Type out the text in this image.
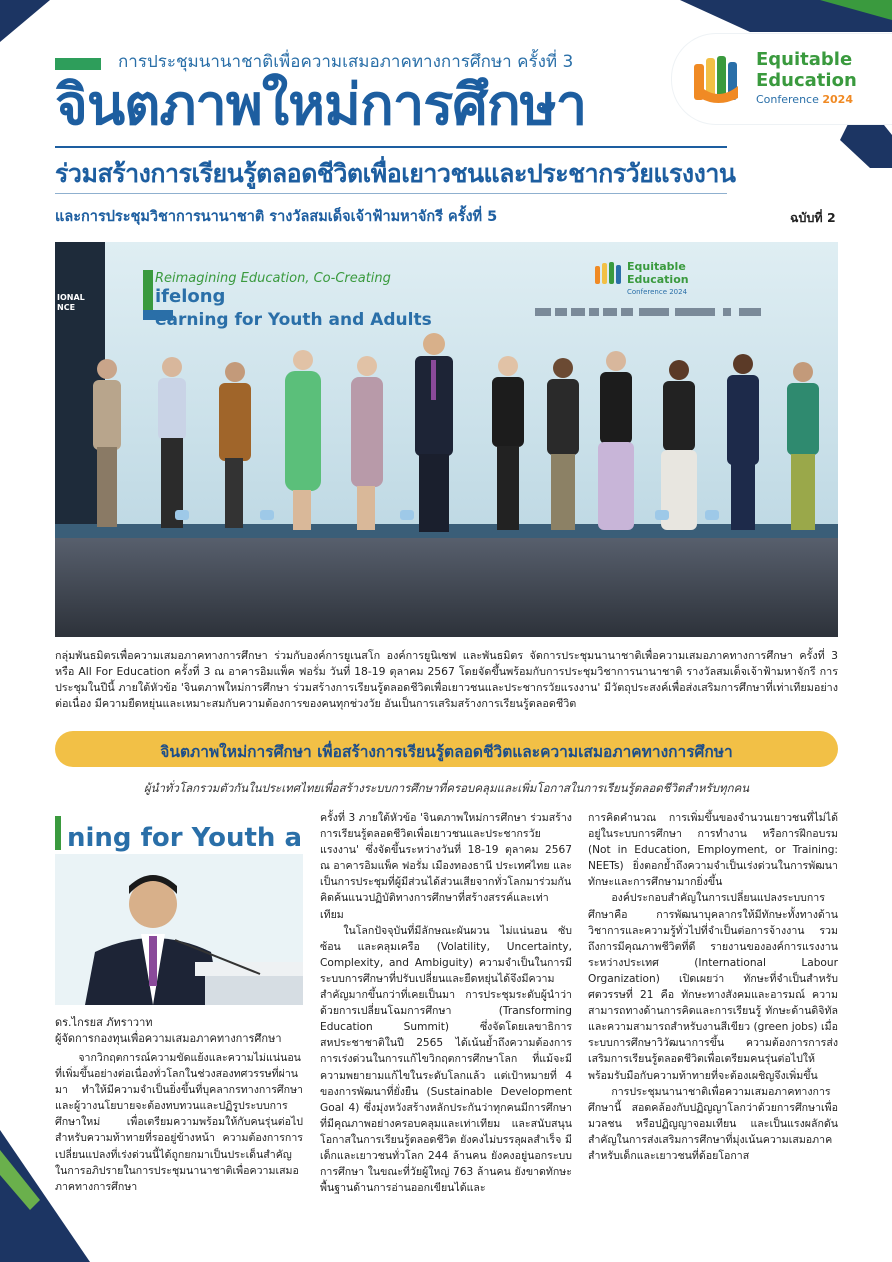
การประชุมนานาชาติเพื่อความเสมอภาคทางการศึกษา ครั้งที่ 3
จินตภาพใหม่การศึกษา
ร่วมสร้างการเรียนรู้ตลอดชีวิตเพื่อเยาวชนและประชากรวัยแรงงาน
และการประชุมวิชาการนานาชาติ รางวัลสมเด็จเจ้าฟ้ามหาจักรี ครั้งที่ 5	ฉบับที่ 2
Equitable
Education
Conference 2024
Reimagining Education, Co-Creating
ifelong
earning for Youth and Adults
Equitable
Education
Conference 2024
IONAL
NCE
กลุ่มพันธมิตรเพื่อความเสมอภาคทางการศึกษา ร่วมกับองค์การยูเนสโก องค์การยูนิเซฟ และพันธมิตร จัดการประชุมนานาชาติเพื่อความเสมอภาคทางการศึกษา ครั้งที่ 3 หรือ All For Education ครั้งที่ 3 ณ อาคารอิมแพ็ค ฟอรั่ม วันที่ 18-19 ตุลาคม 2567 โดยจัดขึ้นพร้อมกับการประชุมวิชาการนานาชาติ รางวัลสมเด็จเจ้าฟ้ามหาจักรี การประชุมในปีนี้ ภายใต้หัวข้อ 'จินตภาพใหม่การศึกษา ร่วมสร้างการเรียนรู้ตลอดชีวิตเพื่อเยาวชนและประชากรวัยแรงงาน' มีวัตถุประสงค์เพื่อส่งเสริมการศึกษาที่เท่าเทียมอย่างต่อเนื่อง มีความยืดหยุ่นและเหมาะสมกับความต้องการของคนทุกช่วงวัย อันเป็นการเสริมสร้างการเรียนรู้ตลอดชีวิต
จินตภาพใหม่การศึกษา เพื่อสร้างการเรียนรู้ตลอดชีวิตและความเสมอภาคทางการศึกษา
ผู้นำทั่วโลกรวมตัวกันในประเทศไทยเพื่อสร้างระบบการศึกษาที่ครอบคลุมและเพิ่มโอกาสในการเรียนรู้ตลอดชีวิตสำหรับทุกคน
ning for Youth a
ดร.ไกรยส ภัทราวาท
ผู้จัดการกองทุนเพื่อความเสมอภาคทางการศึกษา

จากวิกฤตการณ์ความขัดแย้งและความไม่แน่นอนที่เพิ่มขึ้นอย่างต่อเนื่องทั่วโลกในช่วงสองทศวรรษที่ผ่านมา ทำให้มีความจำเป็นยิ่งขึ้นที่บุคลากรทางการศึกษาและผู้วางนโยบายจะต้องทบทวนและปฏิรูประบบการศึกษาใหม่ เพื่อเตรียมความพร้อมให้กับคนรุ่นต่อไปสำหรับความท้าทายที่รออยู่ข้างหน้า ความต้องการการเปลี่ยนแปลงที่เร่งด่วนนี้ได้ถูกยกมาเป็นประเด็นสำคัญในการอภิปรายในการประชุมนานาชาติเพื่อความเสมอภาคทางการศึกษา

ครั้งที่ 3 ภายใต้หัวข้อ 'จินตภาพใหม่การศึกษา ร่วมสร้างการเรียนรู้ตลอดชีวิตเพื่อเยาวชนและประชากรวัยแรงงาน' ซึ่งจัดขึ้นระหว่างวันที่ 18-19 ตุลาคม 2567 ณ อาคารอิมแพ็ค ฟอรั่ม เมืองทองธานี ประเทศไทย และเป็นการประชุมที่ผู้มีส่วนได้ส่วนเสียจากทั่วโลกมาร่วมกันคิดค้นแนวปฏิบัติทางการศึกษาที่สร้างสรรค์และเท่าเทียม

ในโลกปัจจุบันที่มีลักษณะผันผวน ไม่แน่นอน ซับซ้อน และคลุมเครือ (Volatility, Uncertainty, Complexity, and Ambiguity) ความจำเป็นในการมีระบบการศึกษาที่ปรับเปลี่ยนและยืดหยุ่นได้จึงมีความสำคัญมากขึ้นกว่าที่เคยเป็นมา การประชุมระดับผู้นำว่าด้วยการเปลี่ยนโฉมการศึกษา (Transforming Education Summit) ซึ่งจัดโดยเลขาธิการสหประชาชาติในปี 2565 ได้เน้นย้ำถึงความต้องการการเร่งด่วนในการแก้ไขวิกฤตการศึกษาโลก ที่แม้จะมีความพยายามแก้ไขในระดับโลกแล้ว แต่เป้าหมายที่ 4 ของการพัฒนาที่ยั่งยืน (Sustainable Development Goal 4) ซึ่งมุ่งหวังสร้างหลักประกันว่าทุกคนมีการศึกษาที่มีคุณภาพอย่างครอบคลุมและเท่าเทียม และสนับสนุนโอกาสในการเรียนรู้ตลอดชีวิต ยังคงไม่บรรลุผลสำเร็จ มีเด็กและเยาวชนทั่วโลก 244 ล้านคน ยังคงอยู่นอกระบบการศึกษา ในขณะที่วัยผู้ใหญ่ 763 ล้านคน ยังขาดทักษะพื้นฐานด้านการอ่านออกเขียนได้และ

การคิดคำนวณ การเพิ่มขึ้นของจำนวนเยาวชนที่ไม่ได้อยู่ในระบบการศึกษา การทำงาน หรือการฝึกอบรม (Not in Education, Employment, or Training: NEETs) ยิ่งตอกย้ำถึงความจำเป็นเร่งด่วนในการพัฒนาทักษะและการศึกษามากยิ่งขึ้น

องค์ประกอบสำคัญในการเปลี่ยนแปลงระบบการศึกษาคือ การพัฒนาบุคลากรให้มีทักษะทั้งทางด้านวิชาการและความรู้ทั่วไปที่จำเป็นต่อการจ้างงาน รวมถึงการมีคุณภาพชีวิตที่ดี รายงานขององค์การแรงงานระหว่างประเทศ (International Labour Organization) เปิดเผยว่า ทักษะที่จำเป็นสำหรับศตวรรษที่ 21 คือ ทักษะทางสังคมและอารมณ์ ความสามารถทางด้านการคิดและการเรียนรู้ ทักษะด้านดิจิทัล และความสามารถสำหรับงานสีเขียว (green jobs) เมื่อระบบการศึกษาวิวัฒนาการขึ้น ความต้องการการส่งเสริมการเรียนรู้ตลอดชีวิตเพื่อเตรียมคนรุ่นต่อไปให้พร้อมรับมือกับความท้าทายที่จะต้องเผชิญจึงเพิ่มขึ้น

การประชุมนานาชาติเพื่อความเสมอภาคทางการศึกษานี้ สอดคล้องกับปฏิญญาโลกว่าด้วยการศึกษาเพื่อมวลชน หรือปฏิญญาจอมเทียน และเป็นแรงผลักดันสำคัญในการส่งเสริมการศึกษาที่มุ่งเน้นความเสมอภาคสำหรับเด็กและเยาวชนที่ด้อยโอกาส
